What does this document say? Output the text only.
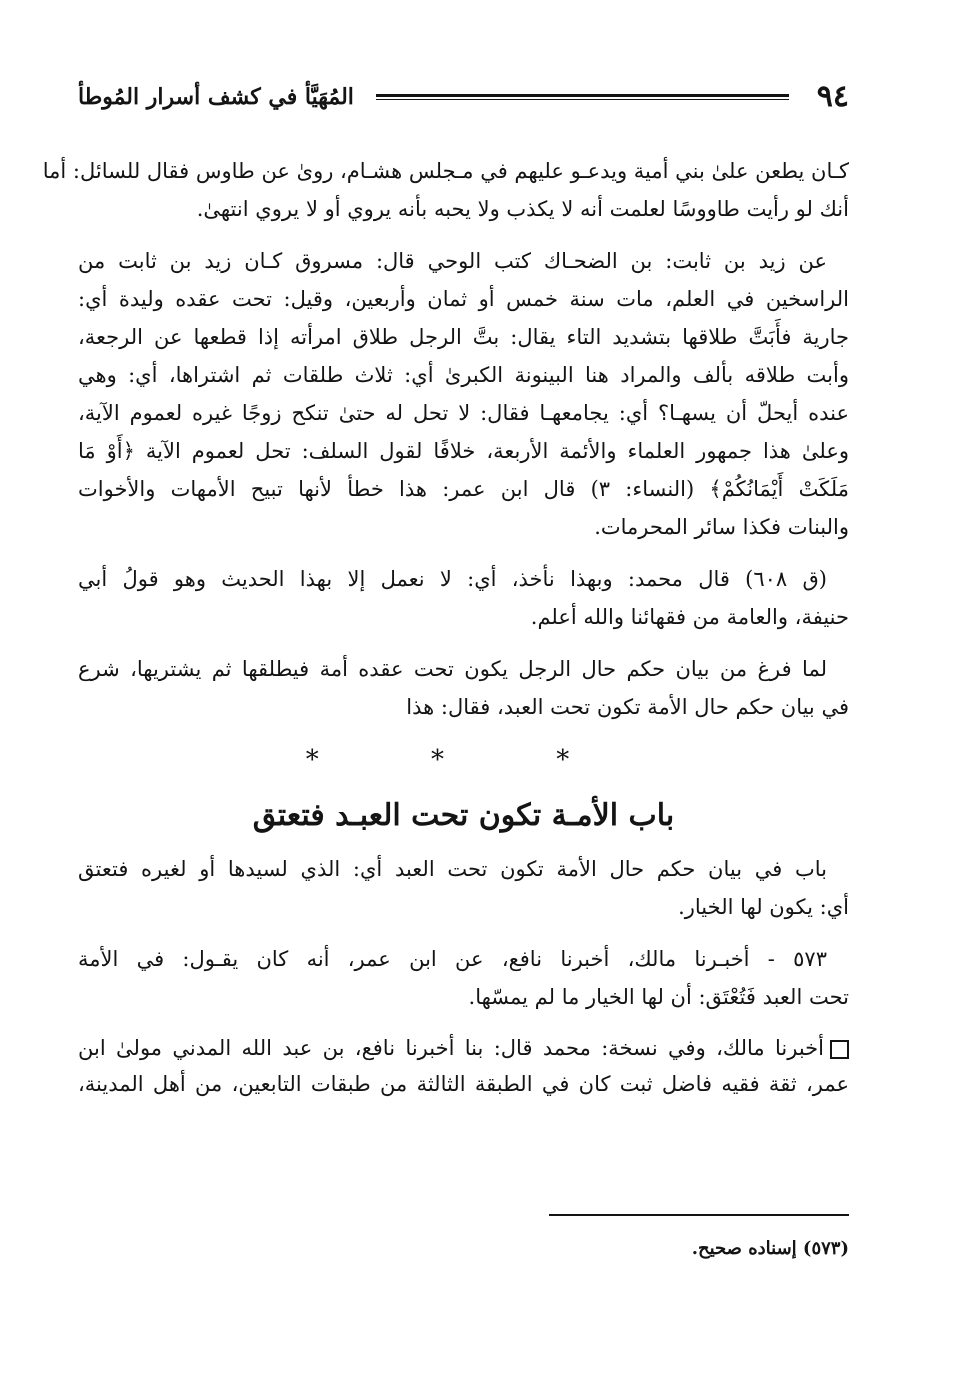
٩٤
المُهَيَّأ في كشف أسرار المُوطأ
كـان يطعن علىٰ بني أمية ويدعـو عليهم في مـجلس هشـام، روىٰ عن طاوس فقال للسائل: أما
أنك لو رأيت طاووسًا لعلمت أنه لا يكذب ولا يحبه بأنه يروي أو لا يروي انتهىٰ.
عن زيد بن ثابت: بن الضحـاك كتب الوحي قال: مسروق كـان زيد بن ثابت من
الراسخين في العلم، مات سنة خمس أو ثمان وأربعين، وقيل: تحت عقده وليدة أي:
جارية فأَبَتَّ طلاقها بتشديد التاء يقال: بتَّ الرجل طلاق امرأته إذا قطعها عن الرجعة،
وأبت طلاقه بألف والمراد هنا البينونة الكبرىٰ أي: ثلاث طلقات ثم اشتراها، أي: وهي
عنده أيحلّ أن يسهـا؟ أي: يجامعهـا فقال: لا تحل له حتىٰ تنكح زوجًا غيره لعموم الآية،
وعلىٰ هذا جمهور العلماء والأئمة الأربعة، خلافًا لقول السلف: تحل لعموم الآية ﴿أَوْ مَا
مَلَكَتْ أَيْمَانُكُمْ﴾ (النساء: ٣) قال ابن عمر: هذا خطأ لأنها تبيح الأمهات والأخوات
والبنات فكذا سائر المحرمات.
(ق ٦٠٨) قال محمد: وبهذا نأخذ، أي: لا نعمل إلا بهذا الحديث وهو قولُ أبي
حنيفة، والعامة من فقهائنا والله أعلم.
لما فرغ من بيان حكم حال الرجل يكون تحت عقده أمة فيطلقها ثم يشتريها، شرع
في بيان حكم حال الأمة تكون تحت العبد، فقال: هذا
* * *
باب الأمـة تكون تحت العبـد فتعتق
باب في بيان حكم حال الأمة تكون تحت العبد أي: الذي لسيدها أو لغيره فتعتق
أي: يكون لها الخيار.
٥٧٣ - أخبـرنا مالك، أخبرنا نافع، عن ابن عمر، أنه كان يقـول: في الأمة
تحت العبد فَتُعْتَق: أن لها الخيار ما لم يمسّها.
أخبرنا مالك، وفي نسخة: محمد قال: بنا أخبرنا نافع، بن عبد الله المدني مولىٰ ابن
عمر، ثقة فقيه فاضل ثبت كان في الطبقة الثالثة من طبقات التابعين، من أهل المدينة،
(٥٧٣) إسناده صحيح.
